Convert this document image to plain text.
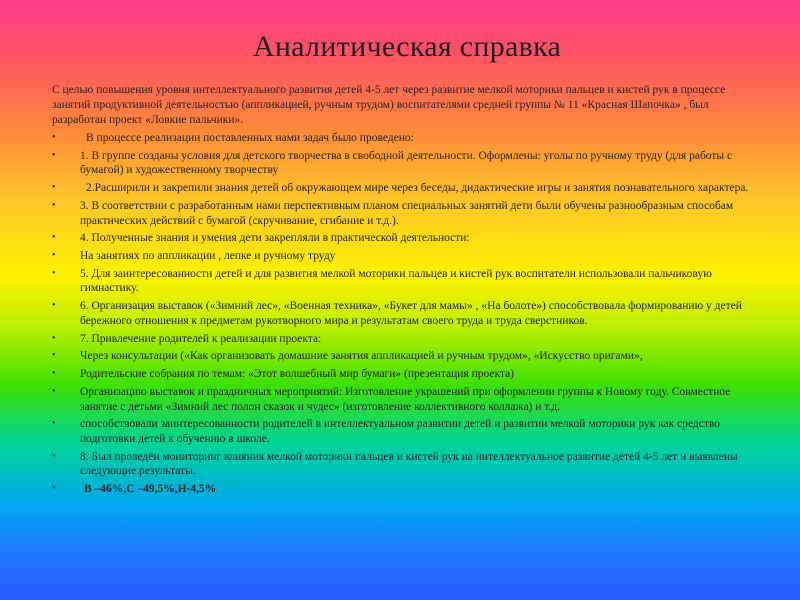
Аналитическая справка

С целью повышения уровня интеллектуального развития детей 4-5 лет через развитие мелкой моторики пальцев и кистей рук в процессе занятий продуктивной деятельностью (аппликацией, ручным трудом) воспитателями средней группы № 11 «Красная Шапочка» , был разработан проект «Ловкие пальчики».

•	В процессе реализации поставленных нами задач было проведено:
•	1. В группе созданы условия для детского творчества в свободной деятельности. Оформлены: уголы по ручному труду (для работы с бумагой) и художественному творчеству
•	2.Расширили и закрепили знания детей об окружающем мире через беседы, дидактические игры и занятия познавательного характера.
•	3. В соответствии с разработанным нами перспективным планом специальных занятий дети были обучены разнообразным способам практических действий с бумагой (скручивание, сгибание и т.д.).
•	4. Полученные знания и умения дети закрепляли в практической деятельности:
•	На занятиях по аппликации , лепке и ручному труду
•	5. Для заинтересованности детей и для развития мелкой моторики пальцев и кистей рук воспитатели использовали пальчиковую гимнастику.
•	6. Организация выставок («Зимний лес», «Военная техника», «Букет для мамы» , «На болоте») способствовала формированию у детей бережного отношения к предметам рукотворного мира и результатам своего труда и труда сверстников.
•	7. Привлечение родителей к реализации проекта:
•	Через консультации («Как организовать домашние занятия аппликацией и ручным трудом», «Искусство оригами»,
•	Родительские собрания по темам: «Этот волшебный мир бумаги» (презентация проекта)
•	Организацию выставок и праздничных мероприятий: Изготовление украшений при оформлении группы к Новому году. Совместное занятие с детьми «Зимний лес полон сказок и чудес» (изготовление коллективного коллажа) и т.д.
•	способствовали заинтересованности родителей в интеллектуальном развитии детей и развитии мелкой моторики рук как средство подготовки детей к обучению в школе.
•	8. Был проведён мониторинг влияния мелкой моторики пальцев и кистей рук на интеллектуальное развитие детей 4-5 лет и выявлены следующие результаты.
•	В –46%,С –49,5%,Н-4,5%
